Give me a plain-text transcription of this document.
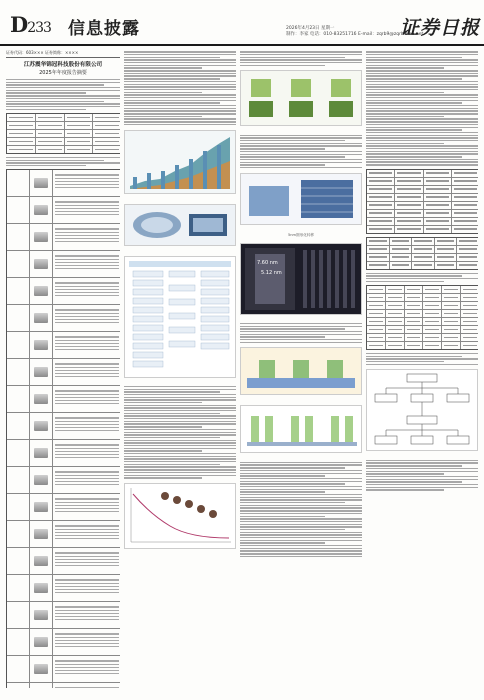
D233 信息披露	2026年4月23日 星期一
制作：李家 电话：010-83251716 E-mail：zqrb9@zqrb.sina.net
证券日报
证券代码：603××× 证券简称：××××
江苏震华锦冠科技股份有限公司
2025年年度报告摘要

5nm图形化转移
7.60 nm
5.12 nm
